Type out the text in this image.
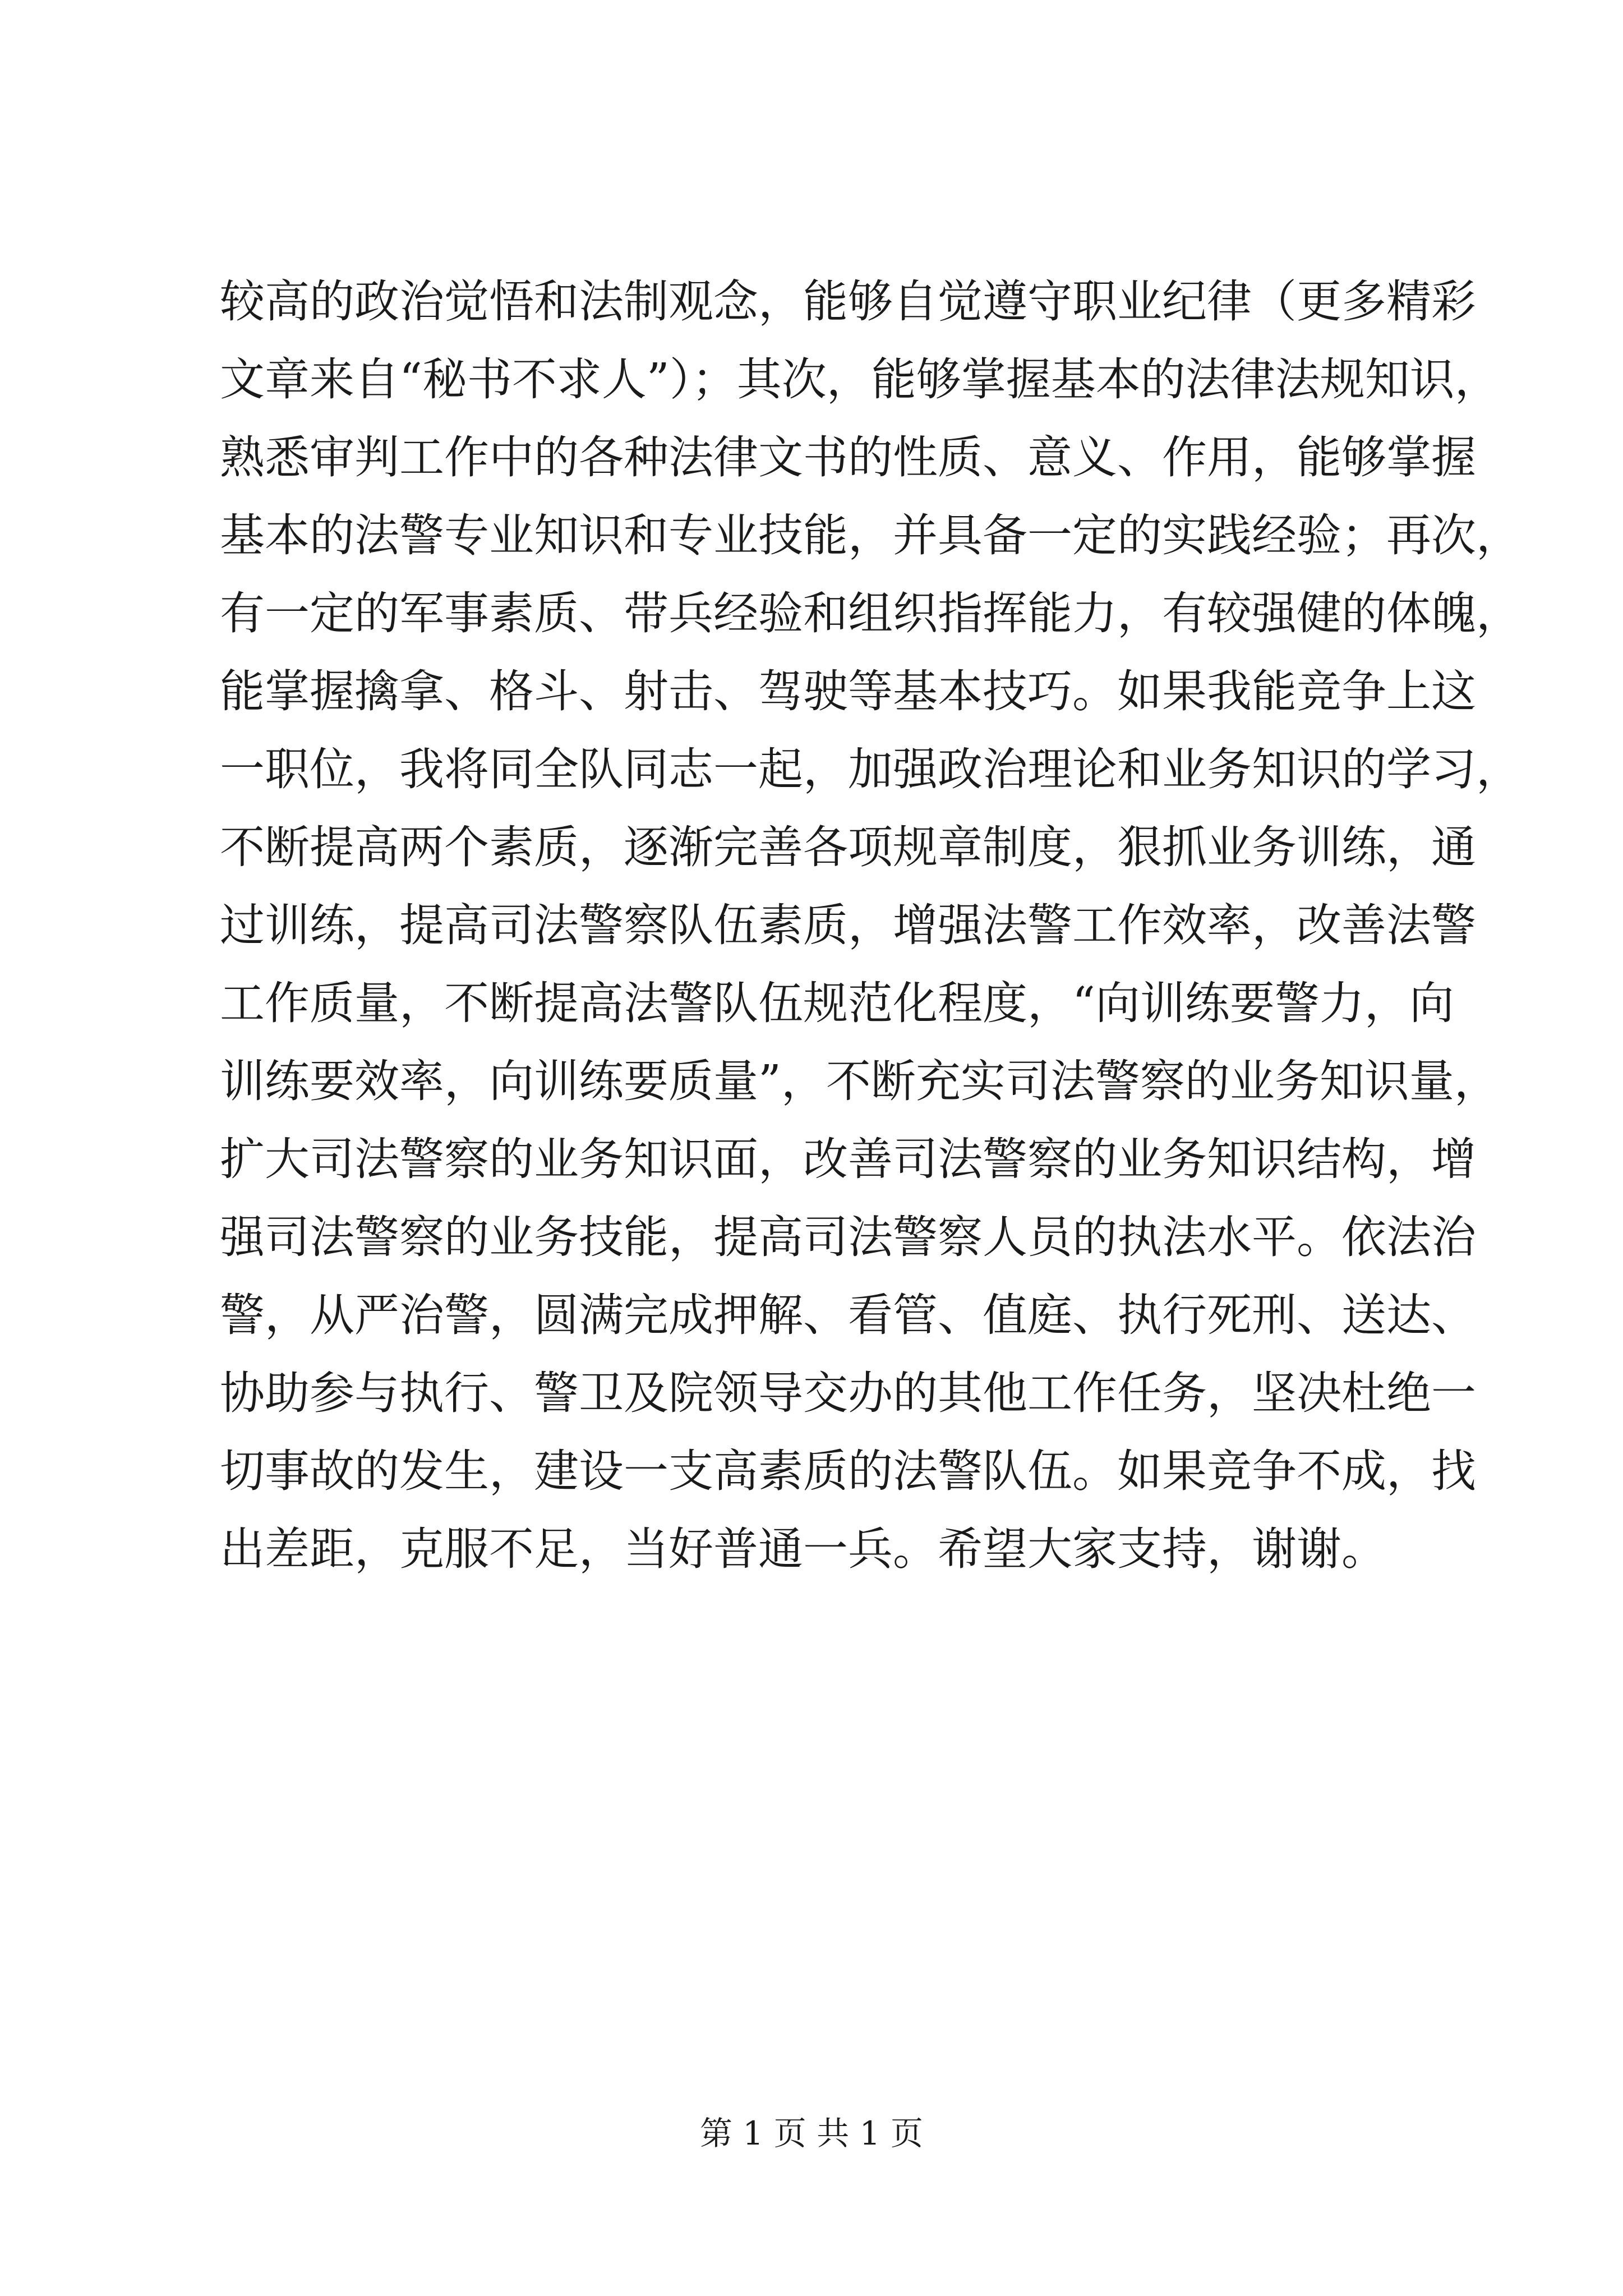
较高的政治觉悟和法制观念，能够自觉遵守职业纪律（更多精彩
文章来自“秘书不求人”）；其次，能够掌握基本的法律法规知识，
熟悉审判工作中的各种法律文书的性质、意义、作用，能够掌握
基本的法警专业知识和专业技能，并具备一定的实践经验；再次，
有一定的军事素质、带兵经验和组织指挥能力，有较强健的体魄，
能掌握擒拿、格斗、射击、驾驶等基本技巧。如果我能竞争上这
一职位，我将同全队同志一起，加强政治理论和业务知识的学习，
不断提高两个素质，逐渐完善各项规章制度，狠抓业务训练，通
过训练，提高司法警察队伍素质，增强法警工作效率，改善法警
工作质量，不断提高法警队伍规范化程度，“向训练要警力，向
训练要效率，向训练要质量”，不断充实司法警察的业务知识量，
扩大司法警察的业务知识面，改善司法警察的业务知识结构，增
强司法警察的业务技能，提高司法警察人员的执法水平。依法治
警，从严治警，圆满完成押解、看管、值庭、执行死刑、送达、
协助参与执行、警卫及院领导交办的其他工作任务，坚决杜绝一
切事故的发生，建设一支高素质的法警队伍。如果竞争不成，找
出差距，克服不足，当好普通一兵。希望大家支持，谢谢。
第 1 页 共 1 页
